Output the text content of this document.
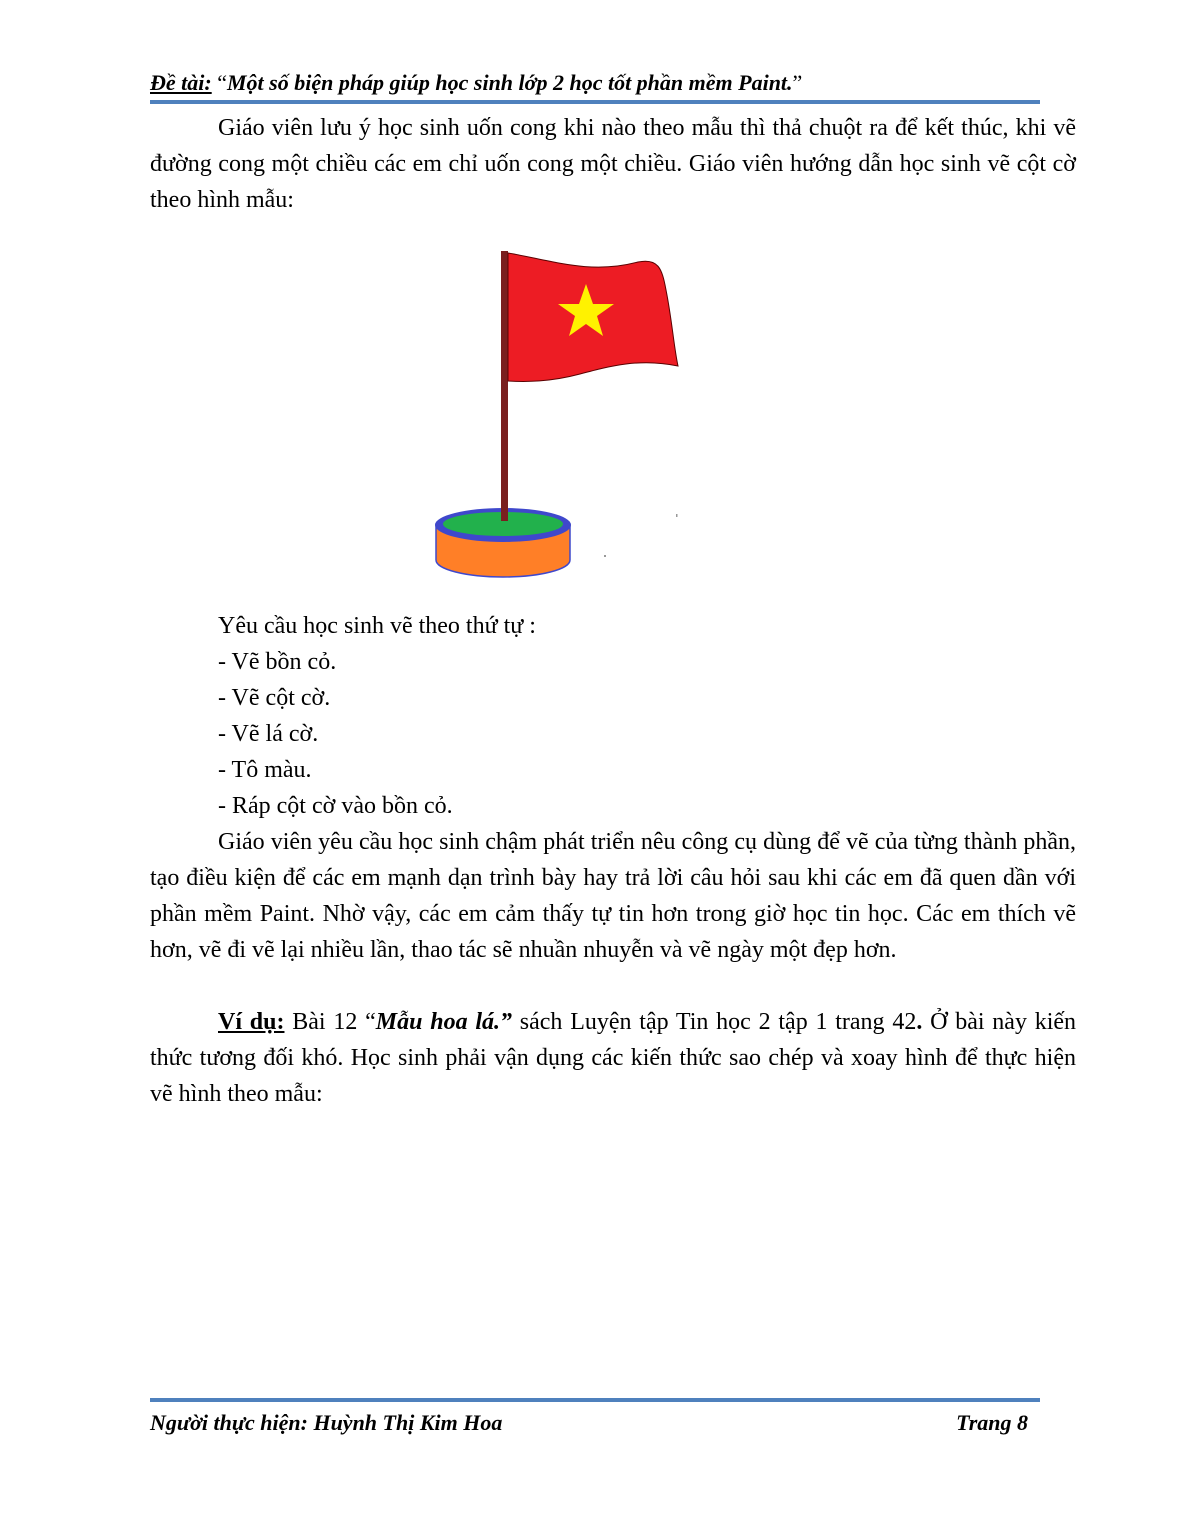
Đề tài: “Một số biện pháp giúp học sinh lớp 2 học tốt phần mềm Paint.”

Giáo viên lưu ý học sinh uốn cong khi nào theo mẫu thì thả chuột ra để kết thúc, khi vẽ đường cong một chiều các em chỉ uốn cong một chiều. Giáo viên hướng dẫn học sinh vẽ cột cờ theo hình mẫu:

Yêu cầu học sinh vẽ theo thứ tự :
- Vẽ bồn cỏ.
- Vẽ cột cờ.
- Vẽ lá cờ.
- Tô màu.
- Ráp cột cờ vào bồn cỏ.

Giáo viên yêu cầu học sinh chậm phát triển nêu công cụ dùng để vẽ của từng thành phần, tạo điều kiện để các em mạnh dạn trình bày hay trả lời câu hỏi sau khi các em đã quen dần với phần mềm Paint. Nhờ vậy, các em cảm thấy tự tin hơn trong giờ học tin học. Các em thích vẽ hơn, vẽ đi vẽ lại nhiều lần, thao tác sẽ nhuần nhuyễn và vẽ ngày một đẹp hơn.

Ví dụ: Bài 12 “Mẫu hoa lá.” sách Luyện tập Tin học 2 tập 1 trang 42. Ở bài này kiến thức tương đối khó. Học sinh phải vận dụng các kiến thức sao chép và xoay hình để thực hiện vẽ hình theo mẫu:

Người thực hiện: Huỳnh Thị Kim Hoa	Trang 8
